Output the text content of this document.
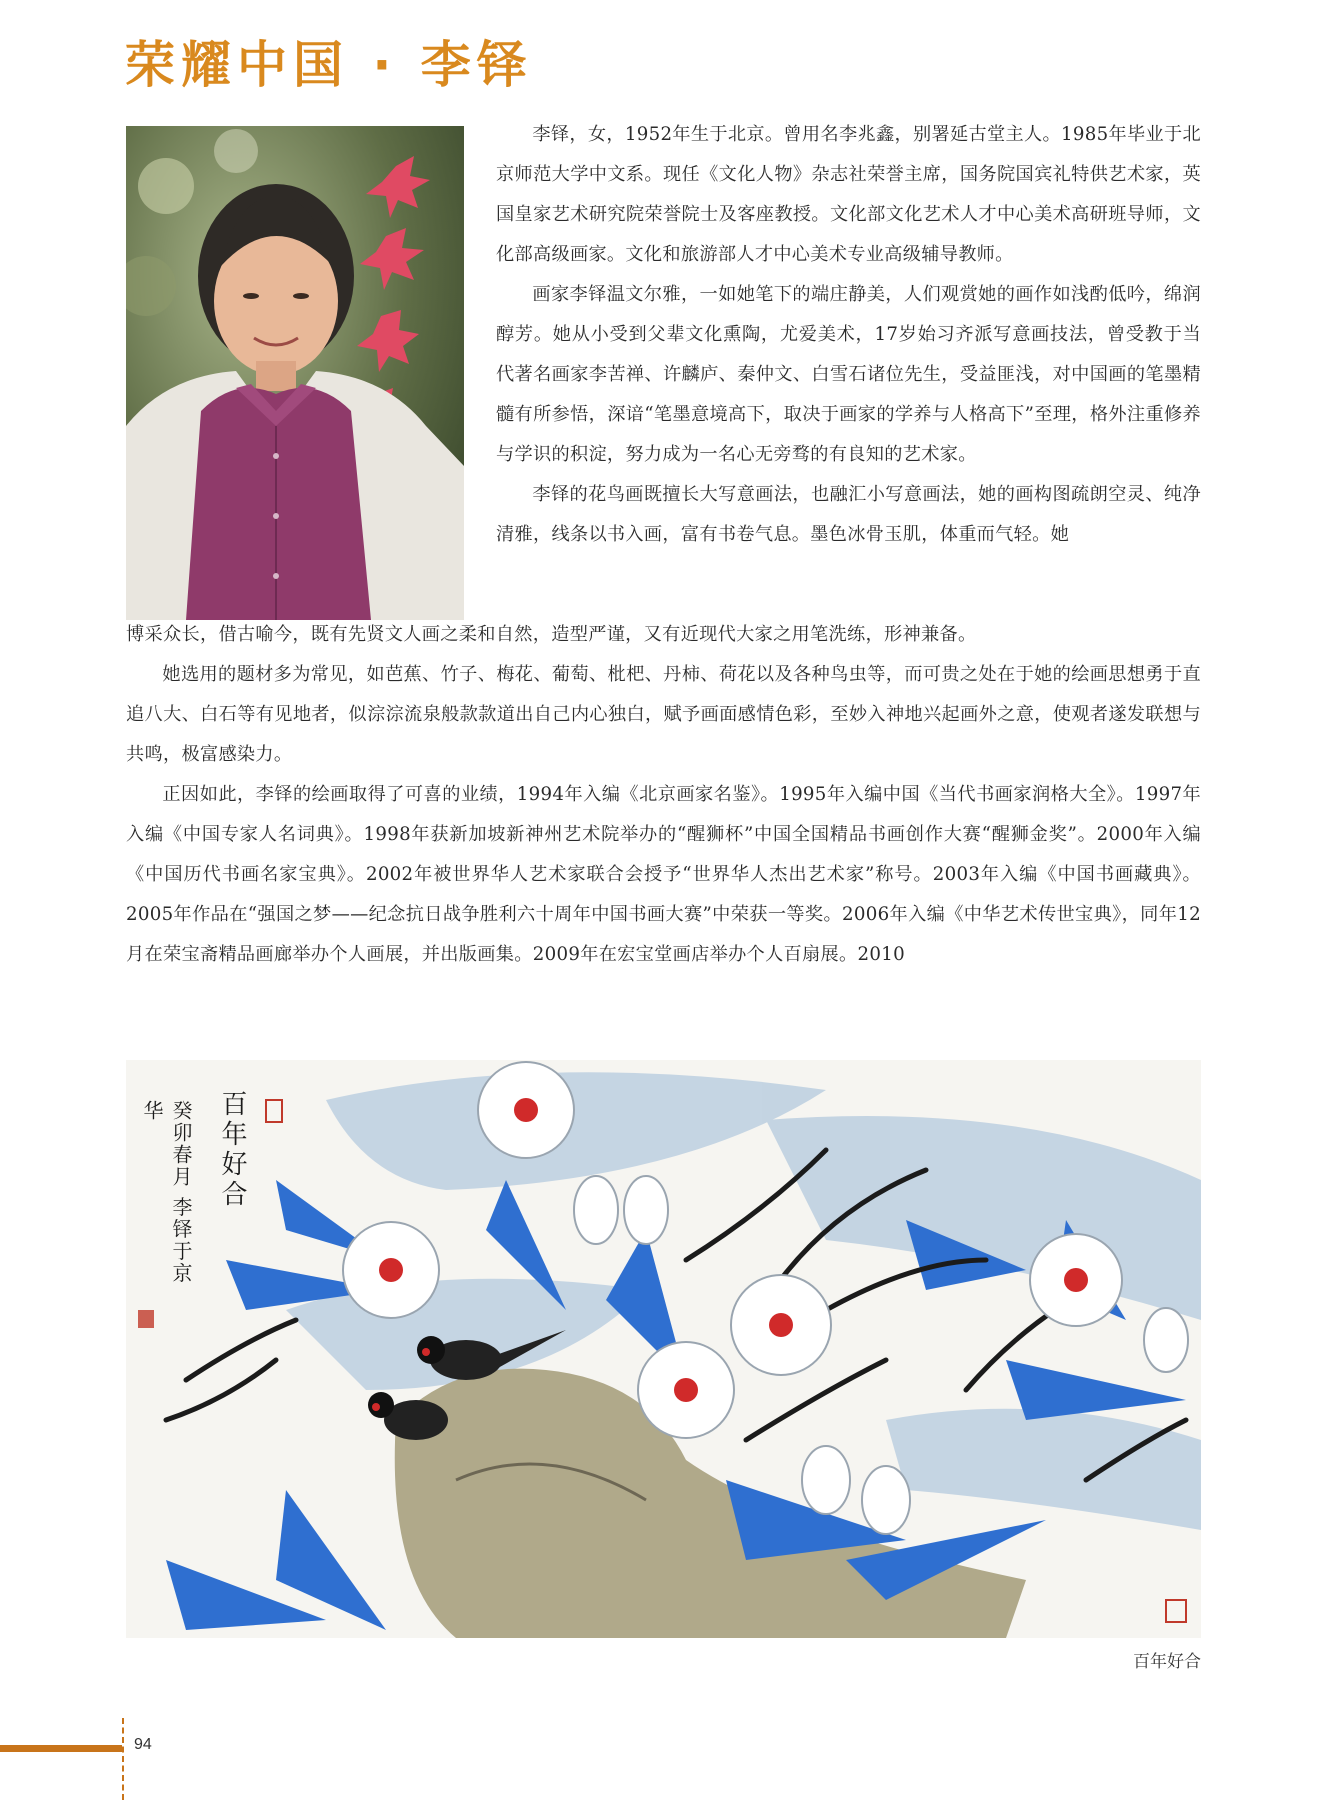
荣耀中国 · 李铎

李铎，女，1952年生于北京。曾用名李兆鑫，别署延古堂主人。1985年毕业于北京师范大学中文系。现任《文化人物》杂志社荣誉主席，国务院国宾礼特供艺术家，英国皇家艺术研究院荣誉院士及客座教授。文化部文化艺术人才中心美术高研班导师，文化部高级画家。文化和旅游部人才中心美术专业高级辅导教师。

画家李铎温文尔雅，一如她笔下的端庄静美，人们观赏她的画作如浅酌低吟，绵润醇芳。她从小受到父辈文化熏陶，尤爱美术，17岁始习齐派写意画技法，曾受教于当代著名画家李苦禅、许麟庐、秦仲文、白雪石诸位先生，受益匪浅，对中国画的笔墨精髓有所参悟，深谙“笔墨意境高下，取决于画家的学养与人格高下”至理，格外注重修养与学识的积淀，努力成为一名心无旁骛的有良知的艺术家。

李铎的花鸟画既擅长大写意画法，也融汇小写意画法，她的画构图疏朗空灵、纯净清雅，线条以书入画，富有书卷气息。墨色冰骨玉肌，体重而气轻。她

博采众长，借古喻今，既有先贤文人画之柔和自然，造型严谨，又有近现代大家之用笔洗练，形神兼备。

她选用的题材多为常见，如芭蕉、竹子、梅花、葡萄、枇杷、丹柿、荷花以及各种鸟虫等，而可贵之处在于她的绘画思想勇于直追八大、白石等有见地者，似淙淙流泉般款款道出自己内心独白，赋予画面感情色彩，至妙入神地兴起画外之意，使观者遂发联想与共鸣，极富感染力。

正因如此，李铎的绘画取得了可喜的业绩，1994年入编《北京画家名鉴》。1995年入编中国《当代书画家润格大全》。1997年入编《中国专家人名词典》。1998年获新加坡新神州艺术院举办的“醒狮杯”中国全国精品书画创作大赛“醒狮金奖”。2000年入编《中国历代书画名家宝典》。2002年被世界华人艺术家联合会授予“世界华人杰出艺术家”称号。2003年入编《中国书画藏典》。2005年作品在“强国之梦——纪念抗日战争胜利六十周年中国书画大赛”中荣获一等奖。2006年入编《中华艺术传世宝典》，同年12月在荣宝斋精品画廊举办个人画展，并出版画集。2009年在宏宝堂画店举办个人百扇展。2010

百年好合
癸卯春月 李铎于京华
百年好合
94
